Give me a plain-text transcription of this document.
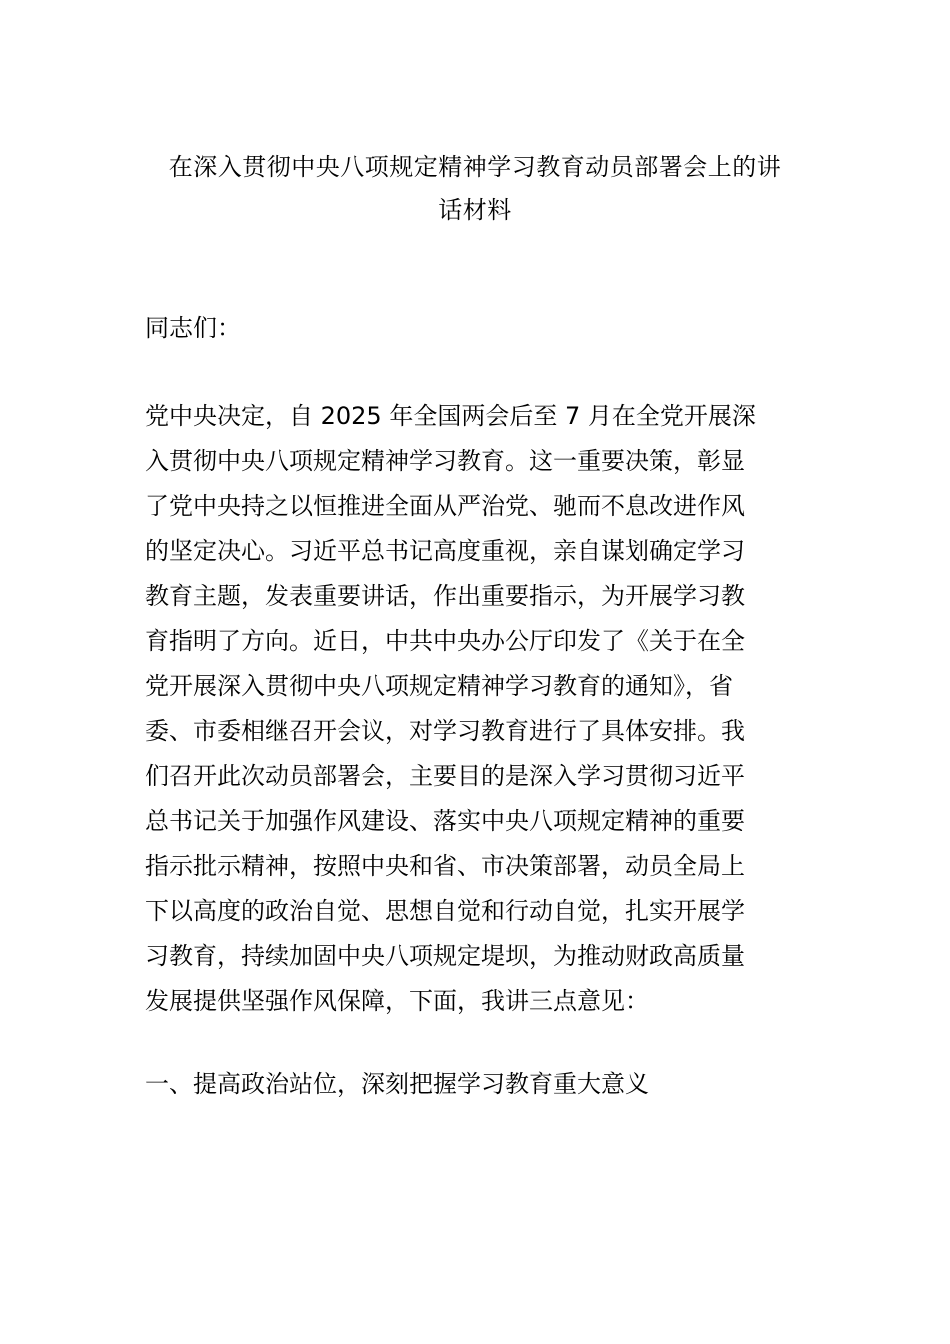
在深入贯彻中央八项规定精神学习教育动员部署会上的讲
话材料

同志们：

党中央决定，自 2025 年全国两会后至 7 月在全党开展深
入贯彻中央八项规定精神学习教育。这一重要决策，彰显
了党中央持之以恒推进全面从严治党、驰而不息改进作风
的坚定决心。习近平总书记高度重视，亲自谋划确定学习
教育主题，发表重要讲话，作出重要指示，为开展学习教
育指明了方向。近日，中共中央办公厅印发了《关于在全
党开展深入贯彻中央八项规定精神学习教育的通知》，省
委、市委相继召开会议，对学习教育进行了具体安排。我
们召开此次动员部署会，主要目的是深入学习贯彻习近平
总书记关于加强作风建设、落实中央八项规定精神的重要
指示批示精神，按照中央和省、市决策部署，动员全局上
下以高度的政治自觉、思想自觉和行动自觉，扎实开展学
习教育，持续加固中央八项规定堤坝，为推动财政高质量
发展提供坚强作风保障，下面，我讲三点意见：

一、提高政治站位，深刻把握学习教育重大意义
